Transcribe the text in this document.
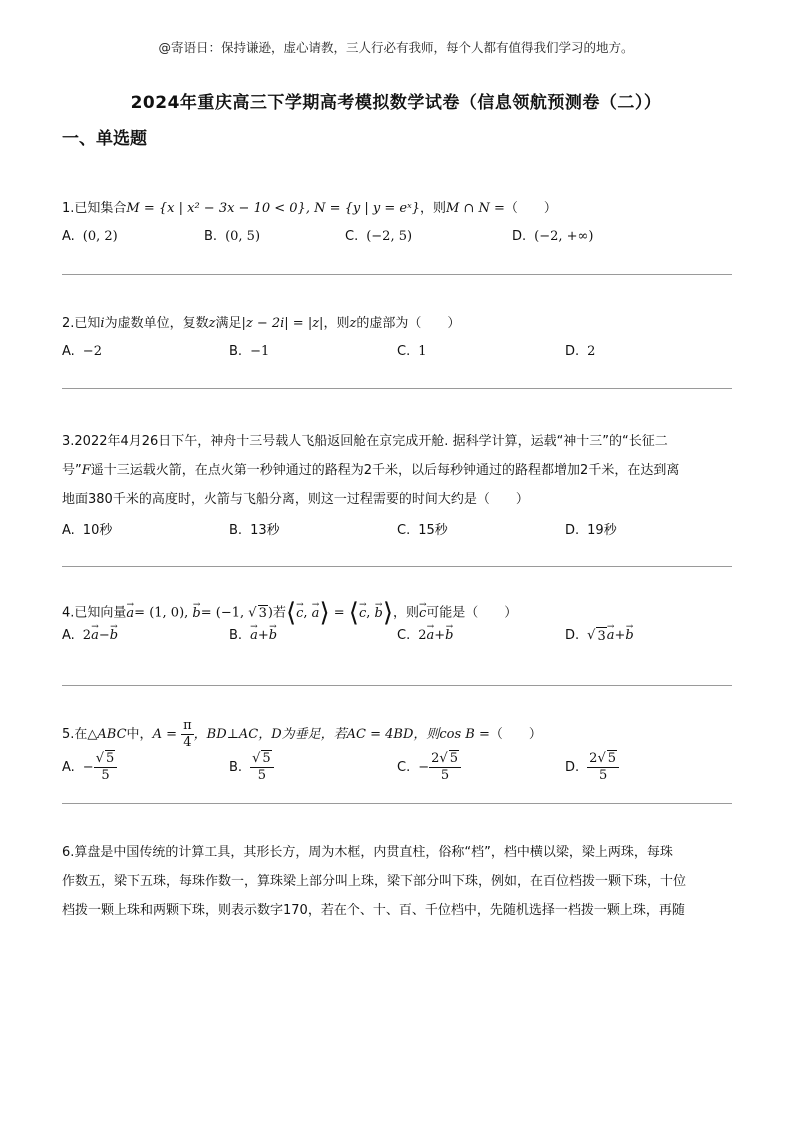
@寄语日：保持谦逊，虚心请教，三人行必有我师，每个人都有值得我们学习的地方。
2024年重庆高三下学期高考模拟数学试卷（信息领航预测卷（二））
一、单选题
1.已知集合M = {x | x² − 3x − 10 < 0}, N = {y | y = eˣ}，则M ∩ N =（　　）
A. (0, 2)	B. (0, 5)	C. (−2, 5)	D. (−2, +∞)
2.已知i为虚数单位，复数z满足|z − 2i| = |z|，则z的虚部为（　　）
A. −2	B. −1	C. 1	D. 2
3.2022年4月26日下午，神舟十三号载人飞船返回舱在京完成开舱. 据科学计算，运载“神十三”的“长征二
号”F遥十三运载火箭，在点火第一秒钟通过的路程为2千米，以后每秒钟通过的路程都增加2千米，在达到离
地面380千米的高度时，火箭与飞船分离，则这一过程需要的时间大约是（　　）
A. 10秒	B. 13秒	C. 15秒	D. 19秒
4.已知向量→ a= (1, 0), → b= (−1, √ 3)若⟨→ c, → a⟩ = ⟨→ c, → b⟩，则→ c可能是（　　）
A. 2 → a − → b	B. → a + → b	C. 2 → a + → b	D. √ 3 → a + → b
5.在 △ABC 中， A =
$\frac{\pi}{4}$ ，BD⊥AC，D为垂足，若AC = 4BD，则cos B = （　　）
A. − $\frac{√ 5}{5}$	B. $\frac{√ 5}{5}$	C. − $\frac{2√ 5}{5}$	D. $\frac{2√ 5}{5}$
6.算盘是中国传统的计算工具，其形长方，周为木框，内贯直柱，俗称“档”，档中横以梁，梁上两珠，每珠
作数五，梁下五珠，每珠作数一，算珠梁上部分叫上珠，梁下部分叫下珠，例如，在百位档拨一颗下珠，十位
档拨一颗上珠和两颗下珠，则表示数字170，若在个、十、百、千位档中，先随机选择一档拨一颗上珠，再随
